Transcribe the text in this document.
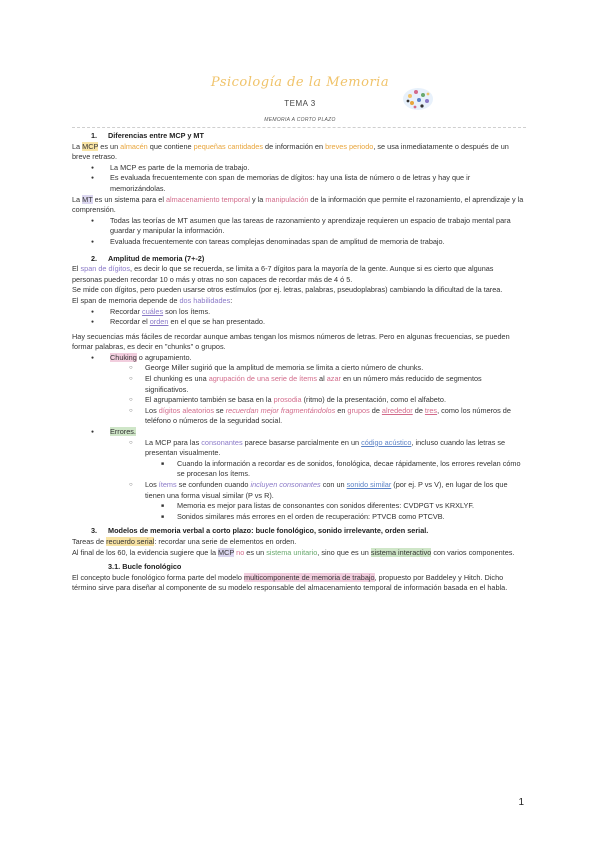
Psicología de la Memoria
TEMA 3
MEMORIA A CORTO PLAZO
1. Diferencias entre MCP y MT
La MCP es un almacén que contiene pequeñas cantidades de información en breves periodo, se usa inmediatamente o después de un breve retraso.
● La MCP es parte de la memoria de trabajo.
● Es evaluada frecuentemente con span de memorias de dígitos: hay una lista de número o de letras y hay que ir memorizándolas.
La MT es un sistema para el almacenamiento temporal y la manipulación de la información que permite el razonamiento, el aprendizaje y la comprensión.
● Todas las teorías de MT asumen que las tareas de razonamiento y aprendizaje requieren un espacio de trabajo mental para guardar y manipular la información.
● Evaluada frecuentemente con tareas complejas denominadas span de amplitud de memoria de trabajo.
2. Amplitud de memoria (7+-2)
El span de dígitos, es decir lo que se recuerda, se limita a 6-7 dígitos para la mayoría de la gente. Aunque si es cierto que algunas personas pueden recordar 10 o más y otras no son capaces de recordar más de 4 ó 5.
Se mide con dígitos, pero pueden usarse otros estímulos (por ej. letras, palabras, pseudoplabras) cambiando la dificultad de la tarea.
El span de memoria depende de dos habilidades:
● Recordar cuáles son los ítems.
● Recordar el orden en el que se han presentado.
Hay secuencias más fáciles de recordar aunque ambas tengan los mismos números de letras. Pero en algunas frecuencias, se pueden formar palabras, es decir en "chunks" o grupos.
● Chuking o agrupamiento.
○ George Miller sugirió que la amplitud de memoria se limita a cierto número de chunks.
○ El chunking es una agrupación de una serie de ítems al azar en un número más reducido de segmentos significativos.
○ El agrupamiento también se basa en la prosodia (ritmo) de la presentación, como el alfabeto.
○ Los dígitos aleatorios se recuerdan mejor fragmentándolos en grupos de alrededor de tres, como los números de teléfono o números de la seguridad social.
● Errores.
○ La MCP para las consonantes parece basarse parcialmente en un código acústico, incluso cuando las letras se presentan visualmente.
■ Cuando la información a recordar es de sonidos, fonológica, decae rápidamente, los errores revelan cómo se procesan los ítems.
○ Los ítems se confunden cuando incluyen consonantes con un sonido similar (por ej. P vs V), en lugar de los que tienen una forma visual similar (P vs R).
■ Memoria es mejor para listas de consonantes con sonidos diferentes: CVDPGT vs KRXLYF.
■ Sonidos similares más errores en el orden de recuperación: PTVCB como PTCVB.
3. Modelos de memoria verbal a corto plazo: bucle fonológico, sonido irrelevante, orden serial.
Tareas de recuerdo serial: recordar una serie de elementos en orden.
Al final de los 60, la evidencia sugiere que la MCP no es un sistema unitario, sino que es un sistema interactivo con varios componentes.
3.1. Bucle fonológico
El concepto bucle fonológico forma parte del modelo multicomponente de memoria de trabajo, propuesto por Baddeley y Hitch. Dicho término sirve para diseñar al componente de su modelo responsable del almacenamiento temporal de información basada en el habla.
1
